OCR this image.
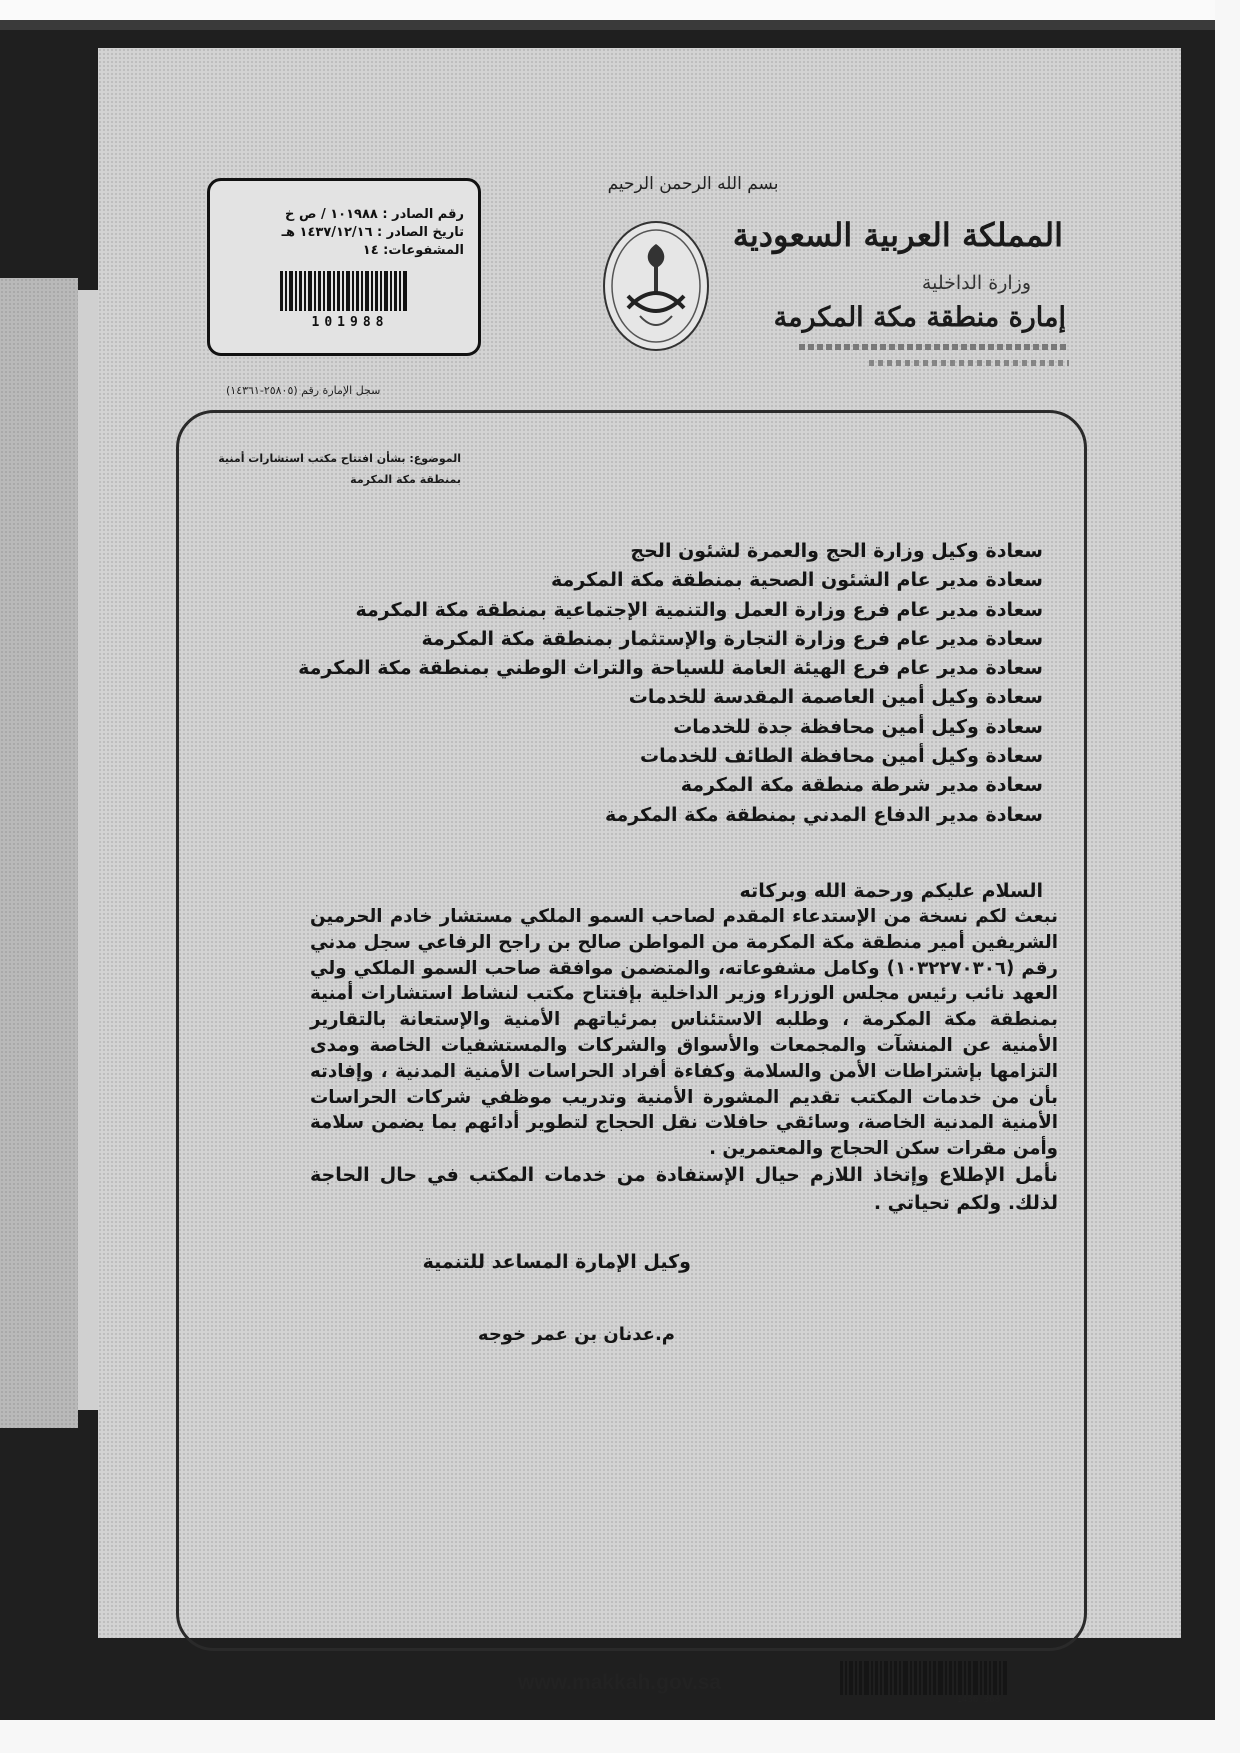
بسم الله الرحمن الرحيم
المملكة العربية السعودية
وزارة الداخلية
إمارة منطقة مكة المكرمة
رقم الصادر : ١٠١٩٨٨ / ص خ
تاريخ الصادر : ١٤٣٧/١٢/١٦ هـ
المشفوعات: ١٤
101988
سجل الإمارة رقم (٢٥٨٠٥-١٤٣٦١)
الموضوع: بشأن افتتاح مكتب استشارات أمنية
بمنطقة مكة المكرمة
سعادة وكيل وزارة الحج والعمرة لشئون الحج
سعادة مدير عام الشئون الصحية بمنطقة مكة المكرمة
سعادة مدير عام فرع وزارة العمل والتنمية الإجتماعية بمنطقة مكة المكرمة
سعادة مدير عام فرع وزارة التجارة والإستثمار بمنطقة مكة المكرمة
سعادة مدير عام فرع الهيئة العامة للسياحة والتراث الوطني بمنطقة مكة المكرمة
سعادة وكيل أمين العاصمة المقدسة للخدمات
سعادة وكيل أمين محافظة جدة للخدمات
سعادة وكيل أمين محافظة الطائف للخدمات
سعادة مدير شرطة منطقة مكة المكرمة
سعادة مدير الدفاع المدني بمنطقة مكة المكرمة
السلام عليكم ورحمة الله وبركاته
نبعث لكم نسخة من الإستدعاء المقدم لصاحب السمو الملكي مستشار خادم الحرمين الشريفين أمير منطقة مكة المكرمة من المواطن صالح بن راجح الرفاعي سجل مدني رقم (١٠٣٢٢٧٠٣٠٦) وكامل مشفوعاته، والمتضمن موافقة صاحب السمو الملكي ولي العهد نائب رئيس مجلس الوزراء وزير الداخلية بإفتتاح مكتب لنشاط استشارات أمنية بمنطقة مكة المكرمة ، وطلبه الاستئناس بمرئياتهم الأمنية والإستعانة بالتقارير الأمنية عن المنشآت والمجمعات والأسواق والشركات والمستشفيات الخاصة ومدى التزامها بإشتراطات الأمن والسلامة وكفاءة أفراد الحراسات الأمنية المدنية ، وإفادته بأن من خدمات المكتب تقديم المشورة الأمنية وتدريب موظفي شركات الحراسات الأمنية المدنية الخاصة، وسائقي حافلات نقل الحجاج لتطوير أدائهم بما يضمن سلامة وأمن مقرات سكن الحجاج والمعتمرين .
نأمل الإطلاع وإتخاذ اللازم حيال الإستفادة من خدمات المكتب في حال الحاجة لذلك. ولكم تحياتي .
وكيل الإمارة المساعد للتنمية
م.عدنان بن عمر خوجه
www.makkah.gov.sa
1436 368
